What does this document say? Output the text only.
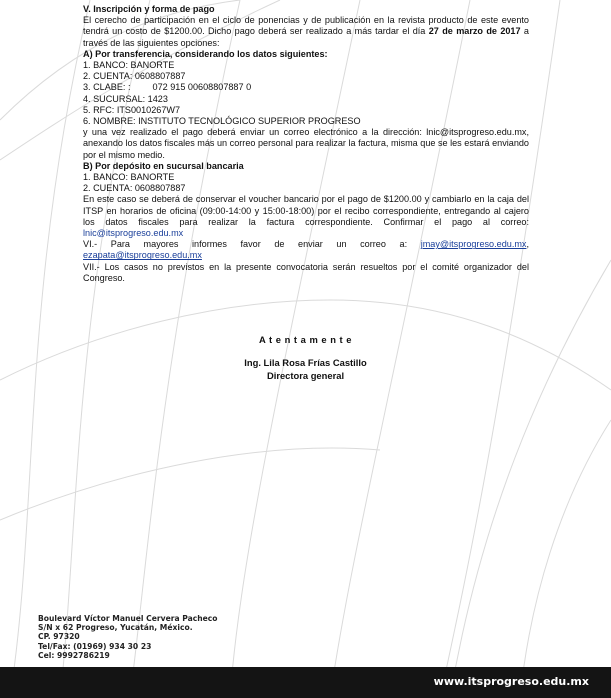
V. Inscripción y forma de pago

El cerecho de participación en el ciclo de ponencias y de publicación en la revista producto de este evento tendrá un costo de $1200.00. Dicho pago deberá ser realizado a más tardar el día 27 de marzo de 2017 a través de las siguientes opciones:

A) Por transferencia, considerando los datos siguientes:

1. BANCO: BANORTE

2. CUENTA: 0608807887

3. CLABE: : 072 915 00608807887 0

4. SUCURSAL: 1423

5. RFC: ITS0010267W7

6. NOMBRE: INSTITUTO TECNOLÓGICO SUPERIOR PROGRESO

y una vez realizado el pago deberá enviar un correo electrónico a la dirección: lnic@itsprogreso.edu.mx, anexando los datos fiscales más un correo personal para realizar la factura, misma que se les estará enviando por el mismo medio.

B) Por depósito en sucursal bancaria

1. BANCO: BANORTE

2. CUENTA: 0608807887

En este caso se deberá de conservar el voucher bancario por el pago de $1200.00 y cambiarlo en la caja del ITSP en horarios de oficina (09:00-14:00 y 15:00-18:00) por el recibo correspondiente, entregando al cajero los datos fiscales para realizar la factura correspondiente. Confirmar el pago al correo: lnic@itsprogreso.edu.mx

VI.- Para mayores informes favor de enviar un correo a: jmay@itsprogreso.edu.mx, ezapata@itsprogreso.edu.mx

VII.- Los casos no previstos en la presente convocatoria serán resueltos por el comité organizador del Congreso.

A t e n t a m e n t e
Ing. Lila Rosa Frías Castillo
Directora general
Boulevard Víctor Manuel Cervera Pacheco
S/N x 62 Progreso, Yucatán, México.
CP. 97320
Tel/Fax: (01969) 934 30 23
Cel: 9992786219
www.itsprogreso.edu.mx
